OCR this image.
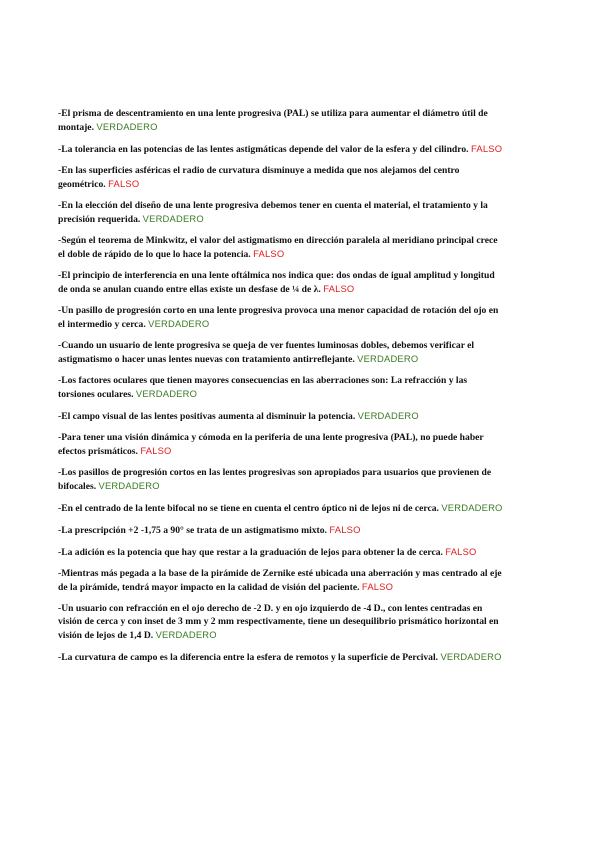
-El prisma de descentramiento en una lente progresiva (PAL) se utiliza para aumentar el diámetro útil de montaje. VERDADERO

-La tolerancia en las potencias de las lentes astigmáticas depende del valor de la esfera y del cilindro. FALSO

-En las superficies asféricas el radio de curvatura disminuye a medida que nos alejamos del centro geométrico. FALSO

-En la elección del diseño de una lente progresiva debemos tener en cuenta el material, el tratamiento y la precisión requerida. VERDADERO

-Según el teorema de Minkwitz, el valor del astigmatismo en dirección paralela al meridiano principal crece el doble de rápido de lo que lo hace la potencia. FALSO

-El principio de interferencia en una lente oftálmica nos indica que: dos ondas de igual amplitud y longitud de onda se anulan cuando entre ellas existe un desfase de ¼ de λ. FALSO

-Un pasillo de progresión corto en una lente progresiva provoca una menor capacidad de rotación del ojo en el intermedio y cerca. VERDADERO

-Cuando un usuario de lente progresiva se queja de ver fuentes luminosas dobles, debemos verificar el astigmatismo o hacer unas lentes nuevas con tratamiento antirreflejante. VERDADERO

-Los factores oculares que tienen mayores consecuencias en las aberraciones son: La refracción y las torsiones oculares. VERDADERO

-El campo visual de las lentes positivas aumenta al disminuir la potencia. VERDADERO

-Para tener una visión dinámica y cómoda en la periferia de una lente progresiva (PAL), no puede haber efectos prismáticos. FALSO

-Los pasillos de progresión cortos en las lentes progresivas son apropiados para usuarios que provienen de bifocales. VERDADERO

-En el centrado de la lente bifocal no se tiene en cuenta el centro óptico ni de lejos ni de cerca. VERDADERO

-La prescripción +2 -1,75 a 90° se trata de un astigmatismo mixto. FALSO

-La adición es la potencia que hay que restar a la graduación de lejos para obtener la de cerca. FALSO

-Mientras más pegada a la base de la pirámide de Zernike esté ubicada una aberración y mas centrado al eje de la pirámide, tendrá mayor impacto en la calidad de visión del paciente. FALSO

-Un usuario con refracción en el ojo derecho de -2 D. y en ojo izquierdo de -4 D., con lentes centradas en visión de cerca y con inset de 3 mm y 2 mm respectivamente, tiene un desequilibrio prismático horizontal en visión de lejos de 1,4 D. VERDADERO

-La curvatura de campo es la diferencia entre la esfera de remotos y la superficie de Percival. VERDADERO
